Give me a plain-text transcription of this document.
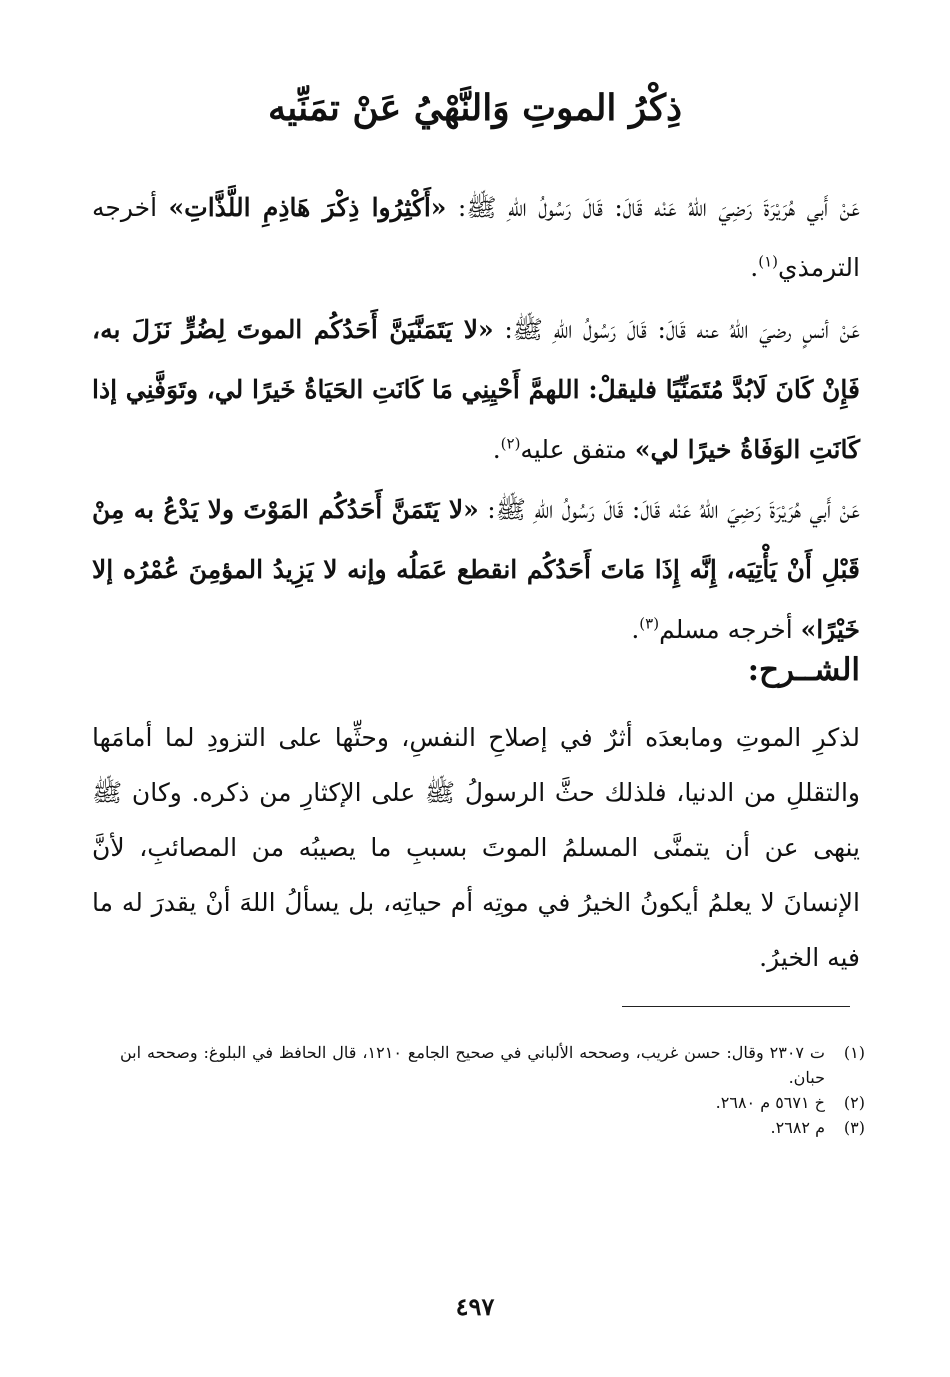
ذِكْرُ الموتِ وَالنَّهْيُ عَنْ تمَنِّيه

عَنْ أَبي هُرَيْرَةَ رَضِيَ اللهُ عَنْه قَالَ: قَالَ رَسُولُ اللهِ ﷺ: «أَكْثِرُوا ذِكْرَ هَاذِمِ اللَّذَّاتِ» أخرجه الترمذي$^{(١)}$.

عَنْ أنسٍ رضيَ اللهُ عنه قَالَ: قَالَ رَسُولُ اللهِ ﷺ: «لا يَتَمَنَّيَنَّ أَحَدُكُم الموتَ لِضُرٍّ نَزَلَ به، فَإِنْ كَانَ لَابُدَّ مُتَمَنِّيًا فليقلْ: اللهمَّ أَحْيِنِي مَا كَانَتِ الحَيَاةُ خَيرًا لي، وتَوَفَّنِي إذا كَانَتِ الوَفَاةُ خيرًا لي» متفق عليه$^{(٢)}$.

عَنْ أَبي هُرَيْرَةَ رَضِيَ اللهُ عَنْه قَالَ: قَالَ رَسُولُ اللهِ ﷺ: «لا يَتَمَنَّ أَحَدُكُم المَوْتَ ولا يَدْعُ به مِنْ قَبْلِ أَنْ يَأْتِيَه، إِنَّه إِذَا مَاتَ أَحَدُكُم انقطع عَمَلُه وإنه لا يَزِيدُ المؤمِنَ عُمْرُه إلا خَيْرًا» أخرجه مسلم$^{(٣)}$.

الشــرح:

لذكرِ الموتِ ومابعدَه أثرٌ في إصلاحِ النفسِ، وحثِّها على التزودِ لما أمامَها والتقللِ من الدنيا، فلذلك حثَّ الرسولُ ﷺ على الإكثارِ من ذكره. وكان ﷺ ينهى عن أن يتمنَّى المسلمُ الموتَ بسببِ ما يصيبُه من المصائبِ، لأنَّ الإنسانَ لا يعلمُ أيكونُ الخيرُ في موتِه أم حياتِه، بل يسألُ اللهَ أنْ يقدرَ له ما فيه الخيرُ.

(١)
ت ٢٣٠٧ وقال: حسن غريب، وصححه الألباني في صحيح الجامع ١٢١٠، قال الحافظ في البلوغ: وصححه ابن حبان.
(٢)
خ ٥٦٧١ م ٢٦٨٠.
(٣)
م ٢٦٨٢.
٤٩٧
